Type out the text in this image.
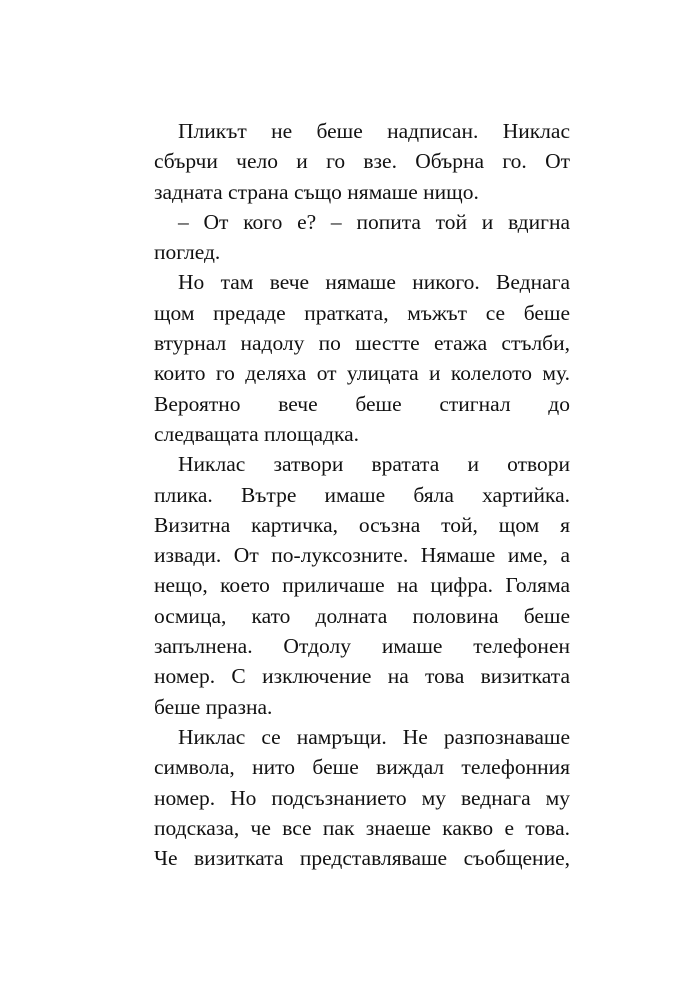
Пликът не беше надписан. Никлас
сбърчи чело и го взе. Обърна го. От
задната страна също нямаше нищо.
– От кого е? – попита той и вдигна
поглед.
Но там вече нямаше никого. Веднага
щом предаде пратката, мъжът се беше
втурнал надолу по шестте етажа стълби,
които го деляха от улицата и колелото му.
Вероятно вече беше стигнал до
следващата площадка.
Никлас затвори вратата и отвори
плика. Вътре имаше бяла хартийка.
Визитна картичка, осъзна той, щом я
извади. От по-луксозните. Нямаше име, а
нещо, което приличаше на цифра. Голяма
осмица, като долната половина беше
запълнена. Отдолу имаше телефонен
номер. С изключение на това визитката
беше празна.
Никлас се намръщи. Не разпознаваше
символа, нито беше виждал телефонния
номер. Но подсъзнанието му веднага му
подсказа, че все пак знаеше какво е това.
Че визитката представляваше съобщение,
